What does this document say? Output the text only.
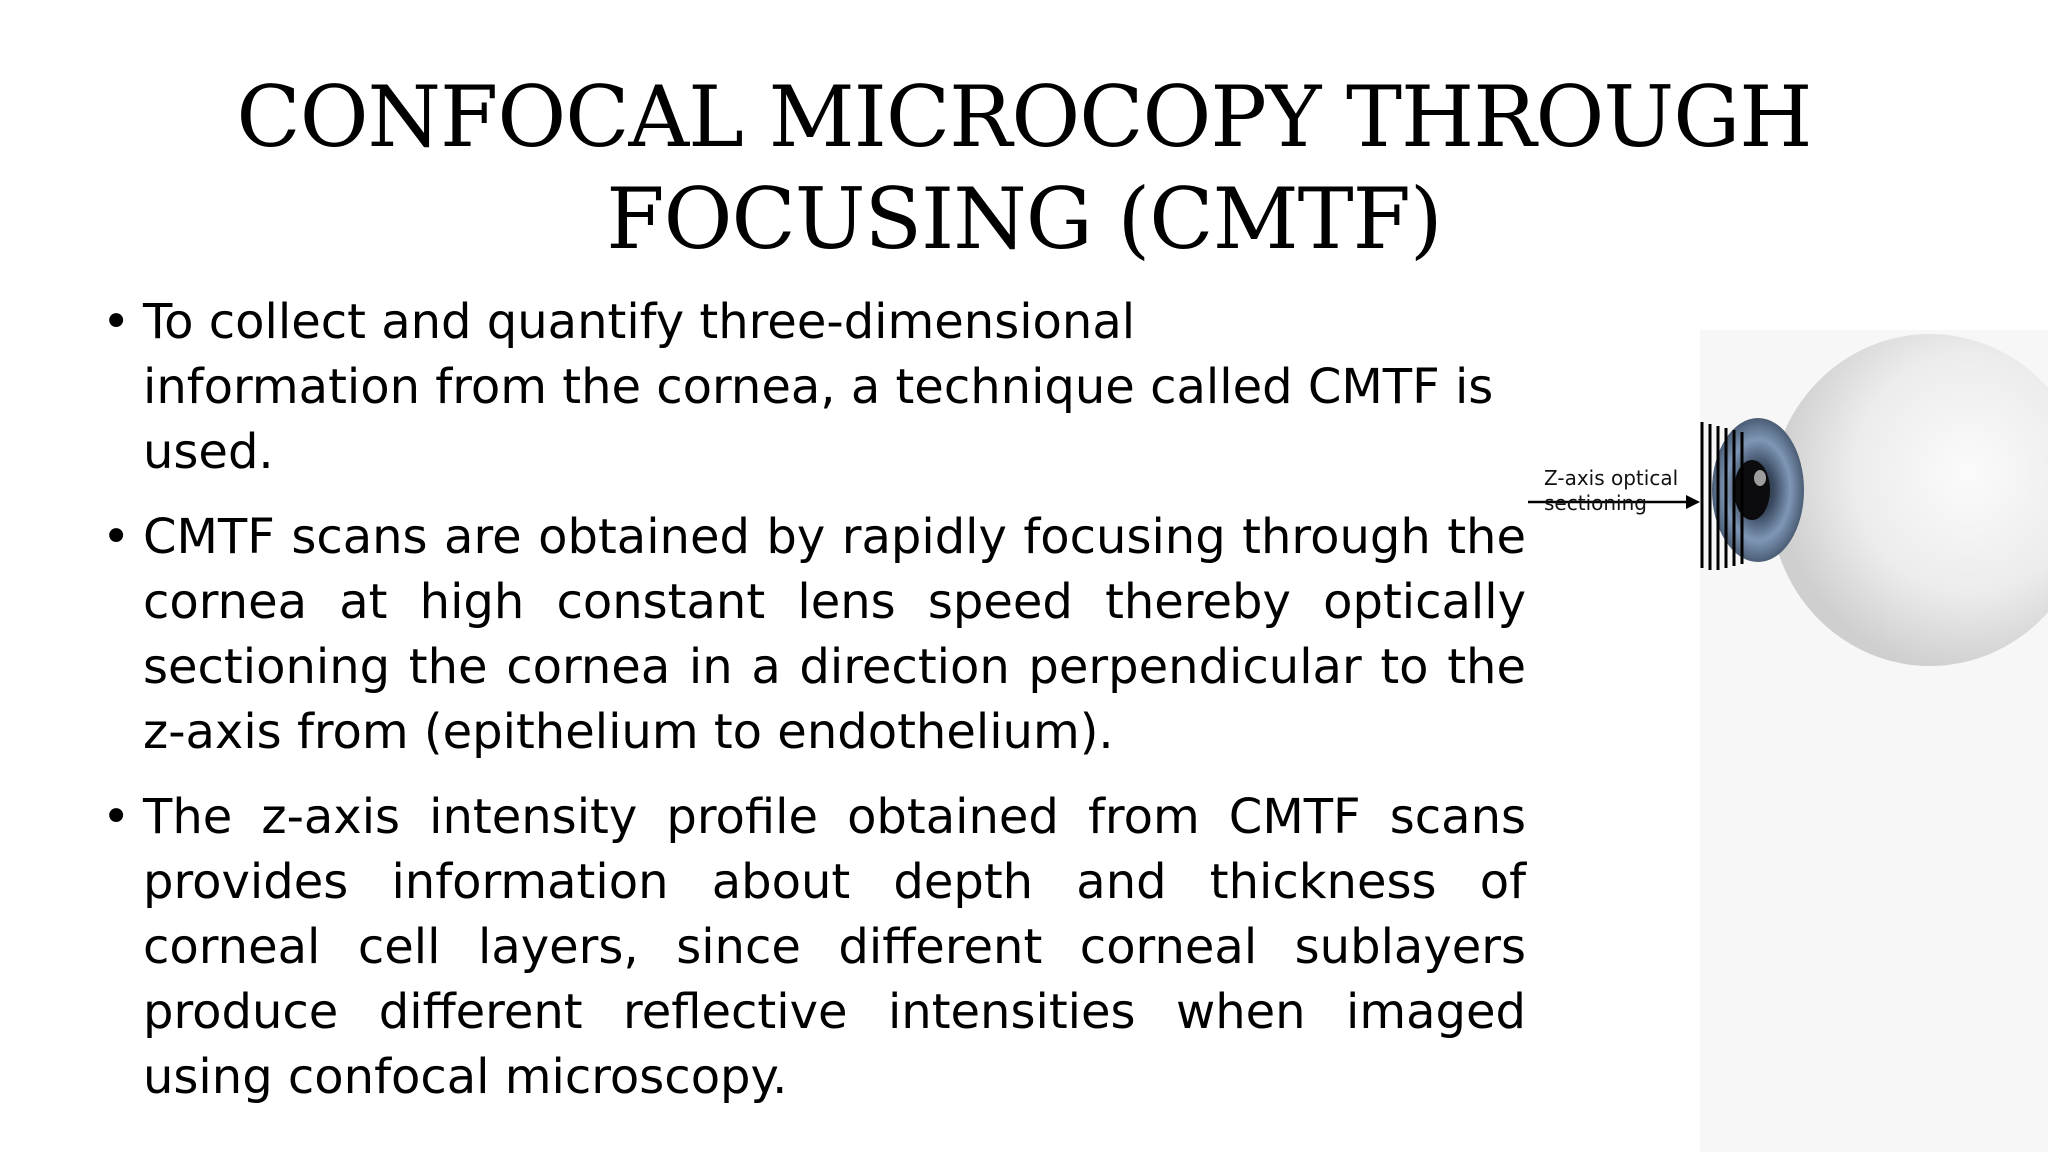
CONFOCAL MICROCOPY THROUGH
FOCUSING (CMTF)
• To collect and quantify three-dimensional
information from the cornea, a technique called CMTF is used.
• CMTF scans are obtained by rapidly focusing through the cornea at high constant lens speed thereby optically sectioning the cornea in a direction perpendicular to the z-axis from (epithelium to endothelium).
• The z-axis intensity profile obtained from CMTF scans provides information about depth and thickness of corneal cell layers, since different corneal sublayers produce different reflective intensities when imaged using confocal microscopy.
Z-axis optical
sectioning
